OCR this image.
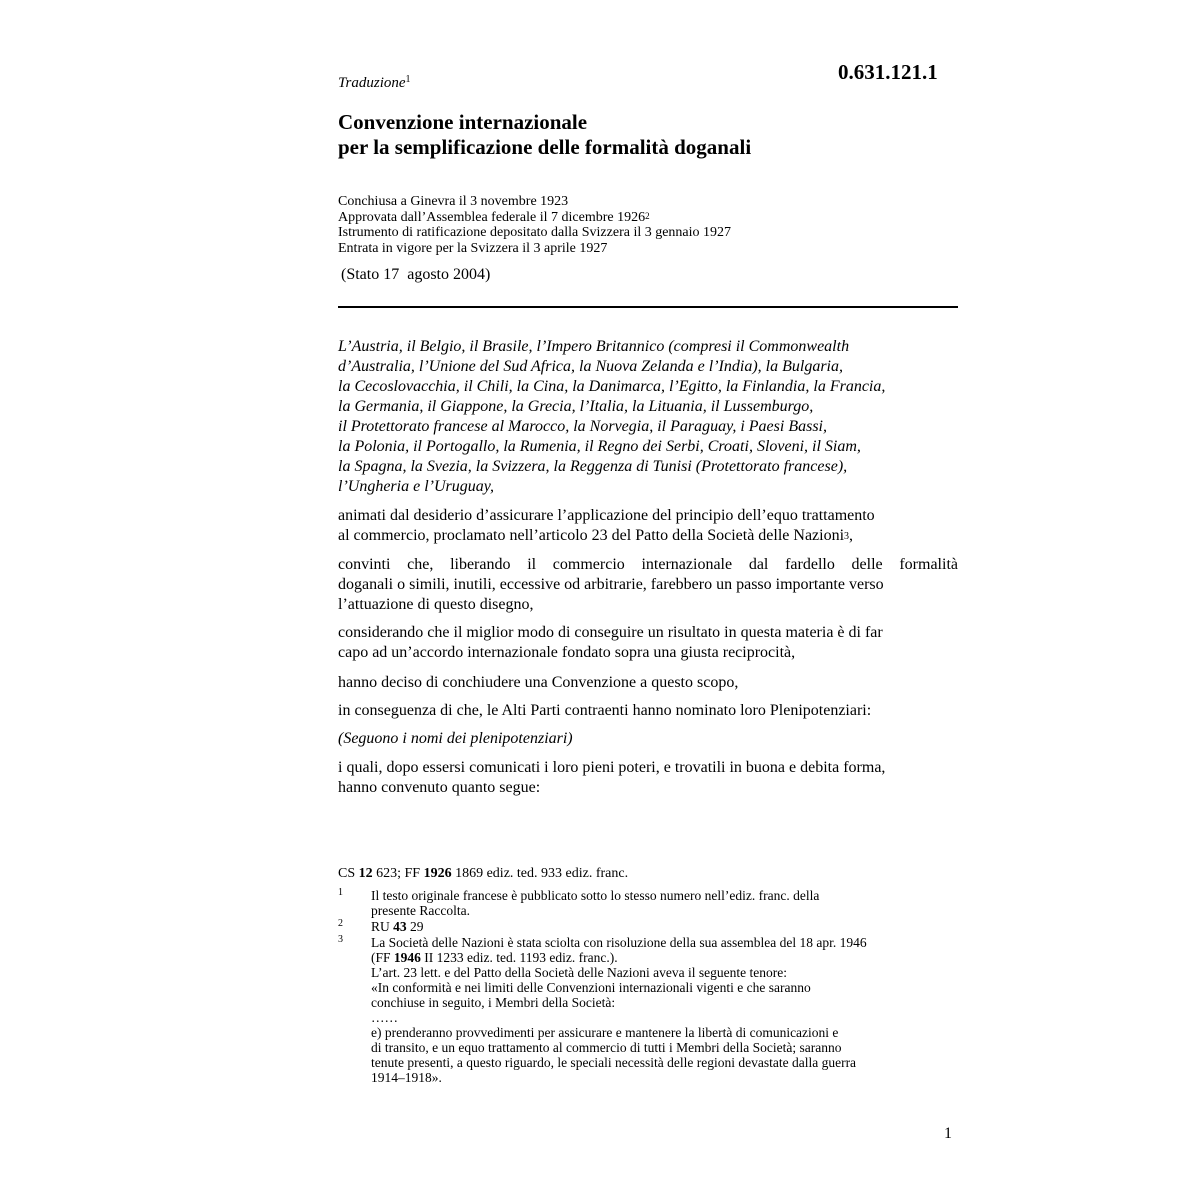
0.631.121.1
Traduzione$^1$
Convenzione internazionale
per la semplificazione delle formalità doganali
Conchiusa a Ginevra il 3 novembre 1923
Approvata dall’Assemblea federale il 7 dicembre 1926$^2$
Istrumento di ratificazione depositato dalla Svizzera il 3 gennaio 1927
Entrata in vigore per la Svizzera il 3 aprile 1927
(Stato 17  agosto 2004)
L’Austria, il Belgio, il Brasile, l’Impero Britannico (compresi il Commonwealth
d’Australia, l’Unione del Sud Africa, la Nuova Zelanda e l’India), la Bulgaria,
la Cecoslovacchia, il Chili, la Cina, la Danimarca, l’Egitto, la Finlandia, la Francia,
la Germania, il Giappone, la Grecia, l’Italia, la Lituania, il Lussemburgo,
il Protettorato francese al Marocco, la Norvegia, il Paraguay, i Paesi Bassi,
la Polonia, il Portogallo, la Rumenia, il Regno dei Serbi, Croati, Sloveni, il Siam,
la Spagna, la Svezia, la Svizzera, la Reggenza di Tunisi (Protettorato francese),
l’Ungheria e l’Uruguay,
animati dal desiderio d’assicurare l’applicazione del principio dell’equo trattamento
al commercio, proclamato nell’articolo 23 del Patto della Società delle Nazioni$^3$,
convinti che, liberando il commercio internazionale dal fardello delle formalità
doganali o simili, inutili, eccessive od arbitrarie, farebbero un passo importante verso
l’attuazione di questo disegno,
considerando che il miglior modo di conseguire un risultato in questa materia è di far
capo ad un’accordo internazionale fondato sopra una giusta reciprocità,
hanno deciso di conchiudere una Convenzione a questo scopo,
in conseguenza di che, le Alti Parti contraenti hanno nominato loro Plenipotenziari:
(Seguono i nomi dei plenipotenziari)
i quali, dopo essersi comunicati i loro pieni poteri, e trovatili in buona e debita forma,
hanno convenuto quanto segue:
CS 12 623; FF 1926 1869 ediz. ted. 933 ediz. franc.
1 Il testo originale francese è pubblicato sotto lo stesso numero nell’ediz. franc. della
presente Raccolta.
2 RU 43 29
3 La Società delle Nazioni è stata sciolta con risoluzione della sua assemblea del 18 apr. 1946
(FF 1946 II 1233 ediz. ted. 1193 ediz. franc.).
L’art. 23 lett. e del Patto della Società delle Nazioni aveva il seguente tenore:
«In conformità e nei limiti delle Convenzioni internazionali vigenti e che saranno
conchiuse in seguito, i Membri della Società:
……
e) prenderanno provvedimenti per assicurare e mantenere la libertà di comunicazioni e
di transito, e un equo trattamento al commercio di tutti i Membri della Società; saranno
tenute presenti, a questo riguardo, le speciali necessità delle regioni devastate dalla guerra
1914–1918».
1
